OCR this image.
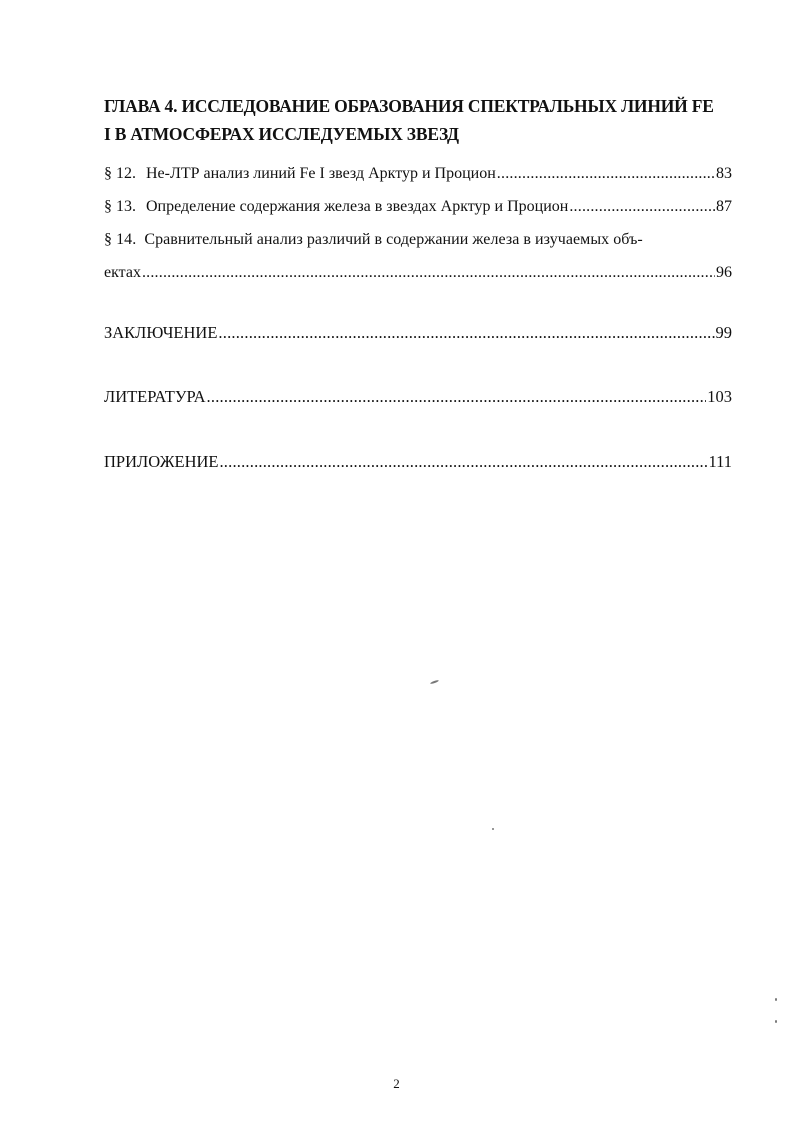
ГЛАВА 4. ИССЛЕДОВАНИЕ ОБРАЗОВАНИЯ СПЕКТРАЛЬНЫХ ЛИНИЙ FE
I В АТМОСФЕРАХ ИССЛЕДУЕМЫХ ЗВЕЗД
§ 12. Не-ЛТР анализ линий Fe I звезд Арктур и Процион .....	83
§ 13. Определение содержания железа в звездах Арктур и Процион .....	87
§ 14. Сравнительный анализ различий в содержании железа в изучаемых объ-
ектах .....	96
ЗАКЛЮЧЕНИЕ .....	99
ЛИТЕРАТУРА .....	103
ПРИЛОЖЕНИЕ .....	111
2
